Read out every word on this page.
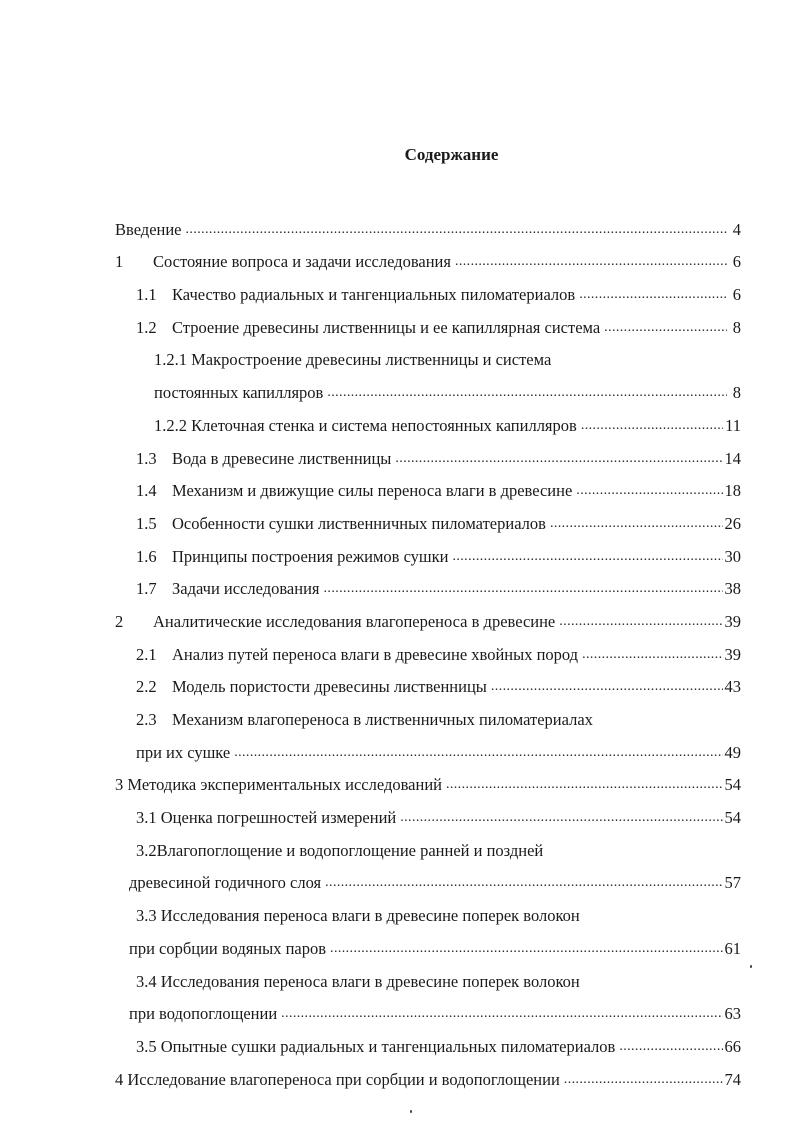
Содержание
Введение .....	4
1	Состояние вопроса и задачи исследования .....	6
1.1 Качество радиальных и тангенциальных пиломатериалов .....	6
1.2 Строение древесины лиственницы и ее капиллярная система .....	8
1.2.1 Макростроение древесины лиственницы и система
постоянных капилляров .....	8
1.2.2 Клеточная стенка и система непостоянных капилляров .....	11
1.3 Вода в древесине лиственницы .....	14
1.4 Механизм и движущие силы переноса влаги в древесине .....	18
1.5 Особенности сушки лиственничных пиломатериалов .....	26
1.6 Принципы построения режимов сушки .....	30
1.7 Задачи исследования .....	38
2	Аналитические исследования влагопереноса в древесине .....	39
2.1 Анализ путей переноса влаги в древесине хвойных пород .....	39
2.2 Модель пористости древесины лиственницы .....	43
2.3 Механизм влагопереноса в лиственничных пиломатериалах
при их сушке .....	49
3 Методика экспериментальных исследований .....	54
3.1 Оценка погрешностей измерений .....	54
3.2Влагопоглощение и водопоглощение ранней и поздней
древесиной годичного слоя .....	57
3.3 Исследования переноса влаги в древесине поперек волокон
при сорбции водяных паров .....	61
3.4 Исследования переноса влаги в древесине поперек волокон
при водопоглощении .....	63
3.5 Опытные сушки радиальных и тангенциальных пиломатериалов .....	66
4 Исследование влагопереноса при сорбции и водопоглощении .....	74
